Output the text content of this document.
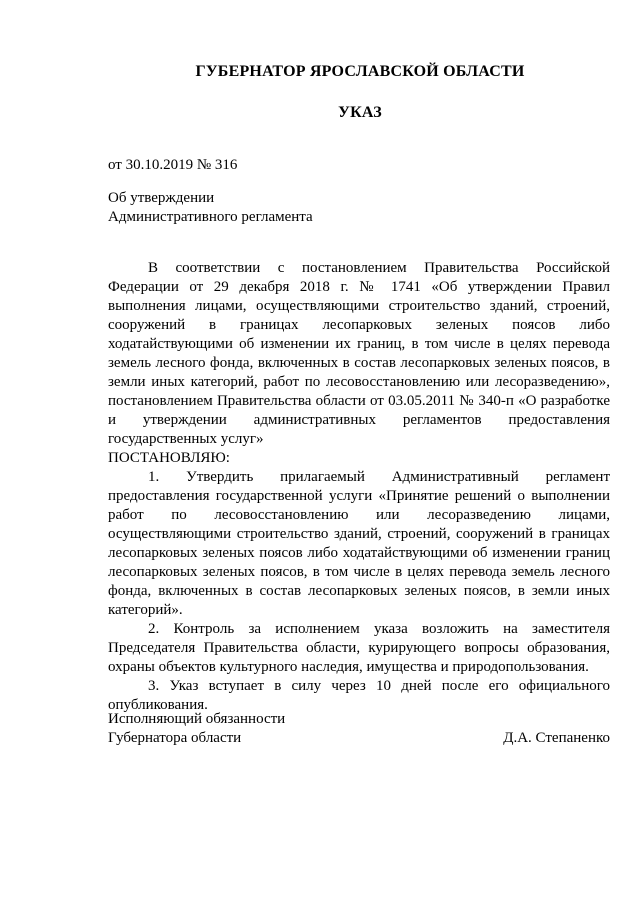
ГУБЕРНАТОР ЯРОСЛАВСКОЙ ОБЛАСТИ
УКАЗ
от 30.10.2019 № 316
Об утверждении
Административного регламента

В соответствии с постановлением Правительства Российской Федерации от 29 декабря 2018 г. № 1741 «Об утверждении Правил выполнения лицами, осуществляющими строительство зданий, строений, сооружений в границах лесопарковых зеленых поясов либо ходатайствующими об изменении их границ, в том числе в целях перевода земель лесного фонда, включенных в состав лесопарковых зеленых поясов, в земли иных категорий, работ по лесовосстановлению или лесоразведению», постановлением Правительства области от 03.05.2011 № 340-п «О разработке и утверждении административных регламентов предоставления государственных услуг»

ПОСТАНОВЛЯЮ:

1. Утвердить прилагаемый Административный регламент предоставления государственной услуги «Принятие решений о выполнении работ по лесовосстановлению или лесоразведению лицами, осуществляющими строительство зданий, строений, сооружений в границах лесопарковых зеленых поясов либо ходатайствующими об изменении границ лесопарковых зеленых поясов, в том числе в целях перевода земель лесного фонда, включенных в состав лесопарковых зеленых поясов, в земли иных категорий».

2. Контроль за исполнением указа возложить на заместителя Председателя Правительства области, курирующего вопросы образования, охраны объектов культурного наследия, имущества и природопользования.

3. Указ вступает в силу через 10 дней после его официального опубликования.

Исполняющий обязанности
Губернатора области	Д.А. Степаненко
